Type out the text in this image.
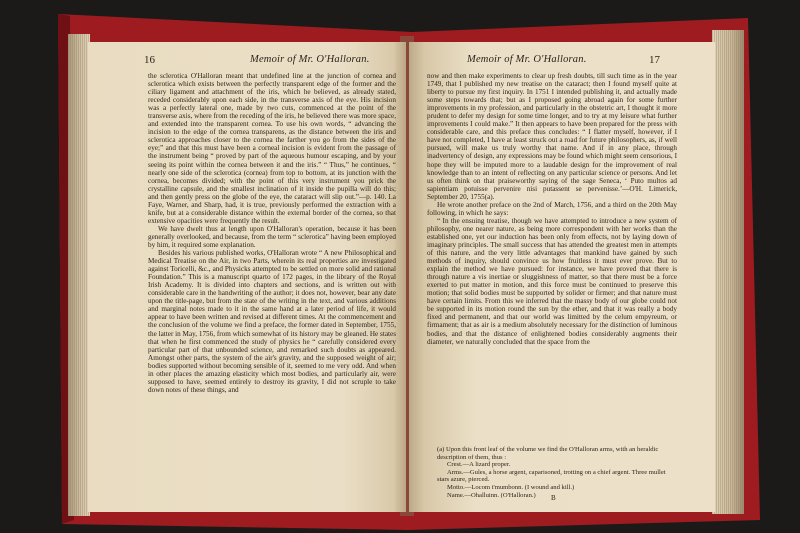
16	Memoir of Mr. O'Halloran.

the sclerotica O'Halloran meant that undefined line at the junction of cornea and sclerotica which exists between the perfectly transparent edge of the former and the ciliary ligament and attachment of the iris, which he believed, as already stated, receded considerably upon each side, in the transverse axis of the eye. His incision was a perfectly lateral one, made by two cuts, commenced at the point of the transverse axis, where from the receding of the iris, he believed there was more space, and extended into the transparent cornea. To use his own words, “ advancing the incision to the edge of the cornea transparens, as the distance between the iris and sclerotica approaches closer to the cornea the farther you go from the sides of the eye;” and that this must have been a corneal incision is evident from the passage of the instrument being “ proved by part of the aqueous humour escaping, and by your seeing its point within the cornea between it and the iris.” “ Thus,” he continues, “ nearly one side of the sclerotica (cornea) from top to bottom, at its junction with the cornea, becomes divided; with the point of this very instrument you prick the crystalline capsule, and the smallest inclination of it inside the pupilla will do this; and then gently press on the globe of the eye, the cataract will slip out.”—p. 140. La Faye, Warner, and Sharp, had, it is true, previously performed the extraction with a knife, but at a considerable distance within the external border of the cornea, so that extensive opacities were frequently the result.

We have dwelt thus at length upon O'Halloran's operation, because it has been generally overlooked, and because, from the term “ sclerotica” having been employed by him, it required some explanation.

Besides his various published works, O'Halloran wrote “ A new Philosophical and Medical Treatise on the Air, in two Parts, wherein its real properties are investigated against Toricelli, &c., and Physicks attempted to be settled on more solid and rational Foundation.” This is a manuscript quarto of 172 pages, in the library of the Royal Irish Academy. It is divided into chapters and sections, and is written out with considerable care in the handwriting of the author; it does not, however, bear any date upon the title-page, but from the state of the writing in the text, and various additions and marginal notes made to it in the same hand at a later period of life, it would appear to have been written and revised at different times. At the commencement and the conclusion of the volume we find a preface, the former dated in September, 1755, the latter in May, 1756, from which somewhat of its history may be gleaned. He states that when he first commenced the study of physics he “ carefully considered every particular part of that unbounded science, and remarked such doubts as appeared. Amongst other parts, the system of the air's gravity, and the supposed weight of air; bodies supported without becoming sensible of it, seemed to me very odd. And when in other places the amazing elasticity which most bodies, and particularly air, were supposed to have, seemed entirely to destroy its gravity, I did not scruple to take down notes of these things, and

Memoir of Mr. O'Halloran.	17

now and then make experiments to clear up fresh doubts, till such time as in the year 1749, that I published my new treatise on the cataract; then I found myself quite at liberty to pursue my first inquiry. In 1751 I intended publishing it, and actually made some steps towards that; but as I proposed going abroad again for some further improvements in my profession, and particularly in the obstetric art, I thought it more prudent to defer my design for some time longer, and to try at my leisure what further improvements I could make.” It then appears to have been prepared for the press with considerable care, and this preface thus concludes: “ I flatter myself, however, if I have not completed, I have at least struck out a road for future philosophers, as, if well pursued, will make us truly worthy that name. And if in any place, through inadvertency of design, any expressions may be found which might seem censorious, I hope they will be imputed more to a laudable design for the improvement of real knowledge than to an intent of reflecting on any particular science or persons. And let us often think on that praiseworthy saying of the sage Seneca, ‘ Puto multos ad sapientiam potuisse pervenire nisi putassent se pervenisse.’—O'H. Limerick, September 20, 1755(a).

He wrote another preface on the 2nd of March, 1756, and a third on the 20th May following, in which he says:

“ In the ensuing treatise, though we have attempted to introduce a new system of philosophy, one nearer nature, as being more correspondent with her works than the established one, yet our induction has been only from effects, not by laying down of imaginary principles. The small success that has attended the greatest men in attempts of this nature, and the very little advantages that mankind have gained by such methods of inquiry, should convince us how fruitless it must ever prove. But to explain the method we have pursued: for instance, we have proved that there is through nature a vis inertiae or sluggishness of matter, so that there must be a force exerted to put matter in motion, and this force must be continued to preserve this motion; that solid bodies must be supported by solider or firmer; and that nature must have certain limits. From this we inferred that the massy body of our globe could not be supported in its motion round the sun by the ether, and that it was really a body fixed and permanent, and that our world was limitted by the celum empyreum, or firmament; that as air is a medium absolutely necessary for the distinction of luminous bodies, and that the distance of enlightened bodies considerably augments their diameter, we naturally concluded that the space from the

(a) Upon this front leaf of the volume we find the O'Halloran arms, with an heraldic description of them, thus :

Crest.—A lizard proper.

Arms.—Gules, a horse argent, caparisoned, trotting on a chief argent. Three mullet stars azure, pierced.

Motto.—Locom t'mumbonn. (I wound and kill.)

Name.—Ohalluinn. (O'Halloran.)	B
